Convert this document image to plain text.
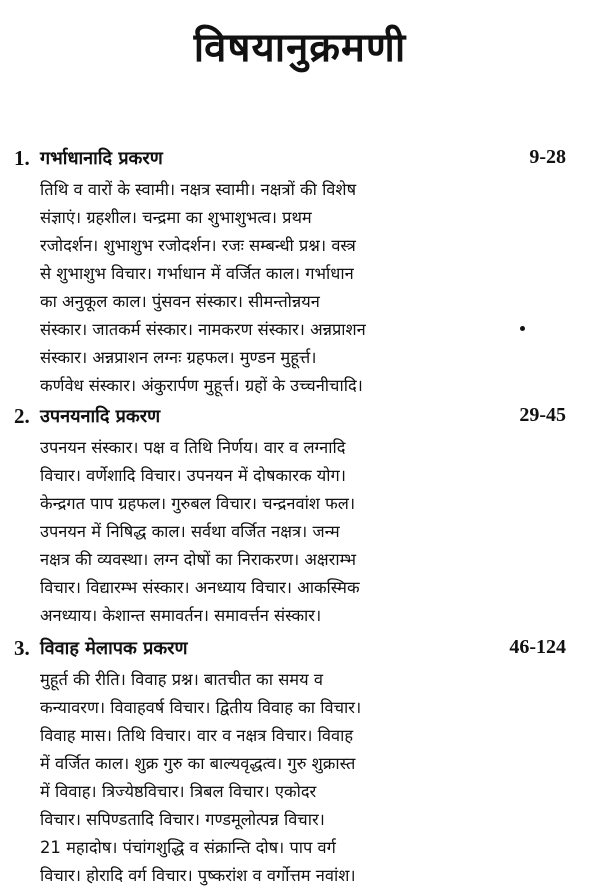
विषयानुक्रमणी
1. गर्भाधानादि प्रकरण	9-28
तिथि व वारों के स्वामी। नक्षत्र स्वामी। नक्षत्रों की विशेष
संज्ञाएं। ग्रहशील। चन्द्रमा का शुभाशुभत्व। प्रथम
रजोदर्शन। शुभाशुभ रजोदर्शन। रजः सम्बन्धी प्रश्न। वस्त्र
से शुभाशुभ विचार। गर्भाधान में वर्जित काल। गर्भाधान
का अनुकूल काल। पुंसवन संस्कार। सीमन्तोन्नयन
संस्कार। जातकर्म संस्कार। नामकरण संस्कार। अन्नप्राशन
संस्कार। अन्नप्राशन लग्नः ग्रहफल। मुण्डन मुहूर्त्त।
कर्णवेध संस्कार। अंकुरार्पण मुहूर्त्त। ग्रहों के उच्चनीचादि।
2. उपनयनादि प्रकरण	29-45
उपनयन संस्कार। पक्ष व तिथि निर्णय। वार व लग्नादि
विचार। वर्णेशादि विचार। उपनयन में दोषकारक योग।
केन्द्रगत पाप ग्रहफल। गुरुबल विचार। चन्द्रनवांश फल।
उपनयन में निषिद्ध काल। सर्वथा वर्जित नक्षत्र। जन्म
नक्षत्र की व्यवस्था। लग्न दोषों का निराकरण। अक्षराम्भ
विचार। विद्यारम्भ संस्कार। अनध्याय विचार। आकस्मिक
अनध्याय। केशान्त समावर्तन। समावर्त्तन संस्कार।
3. विवाह मेलापक प्रकरण	46-124
मुहूर्त की रीति। विवाह प्रश्न। बातचीत का समय व
कन्यावरण। विवाहवर्ष विचार। द्वितीय विवाह का विचार।
विवाह मास। तिथि विचार। वार व नक्षत्र विचार। विवाह
में वर्जित काल। शुक्र गुरु का बाल्यवृद्धत्व। गुरु शुक्रास्त
में विवाह। त्रिज्येष्ठविचार। त्रिबल विचार। एकोदर
विचार। सपिण्डतादि विचार। गण्डमूलोत्पन्न विचार।
21 महादोष। पंचांगशुद्धि व संक्रान्ति दोष। पाप वर्ग
विचार। होरादि वर्ग विचार। पुष्करांश व वर्गोत्तम नवांश।
